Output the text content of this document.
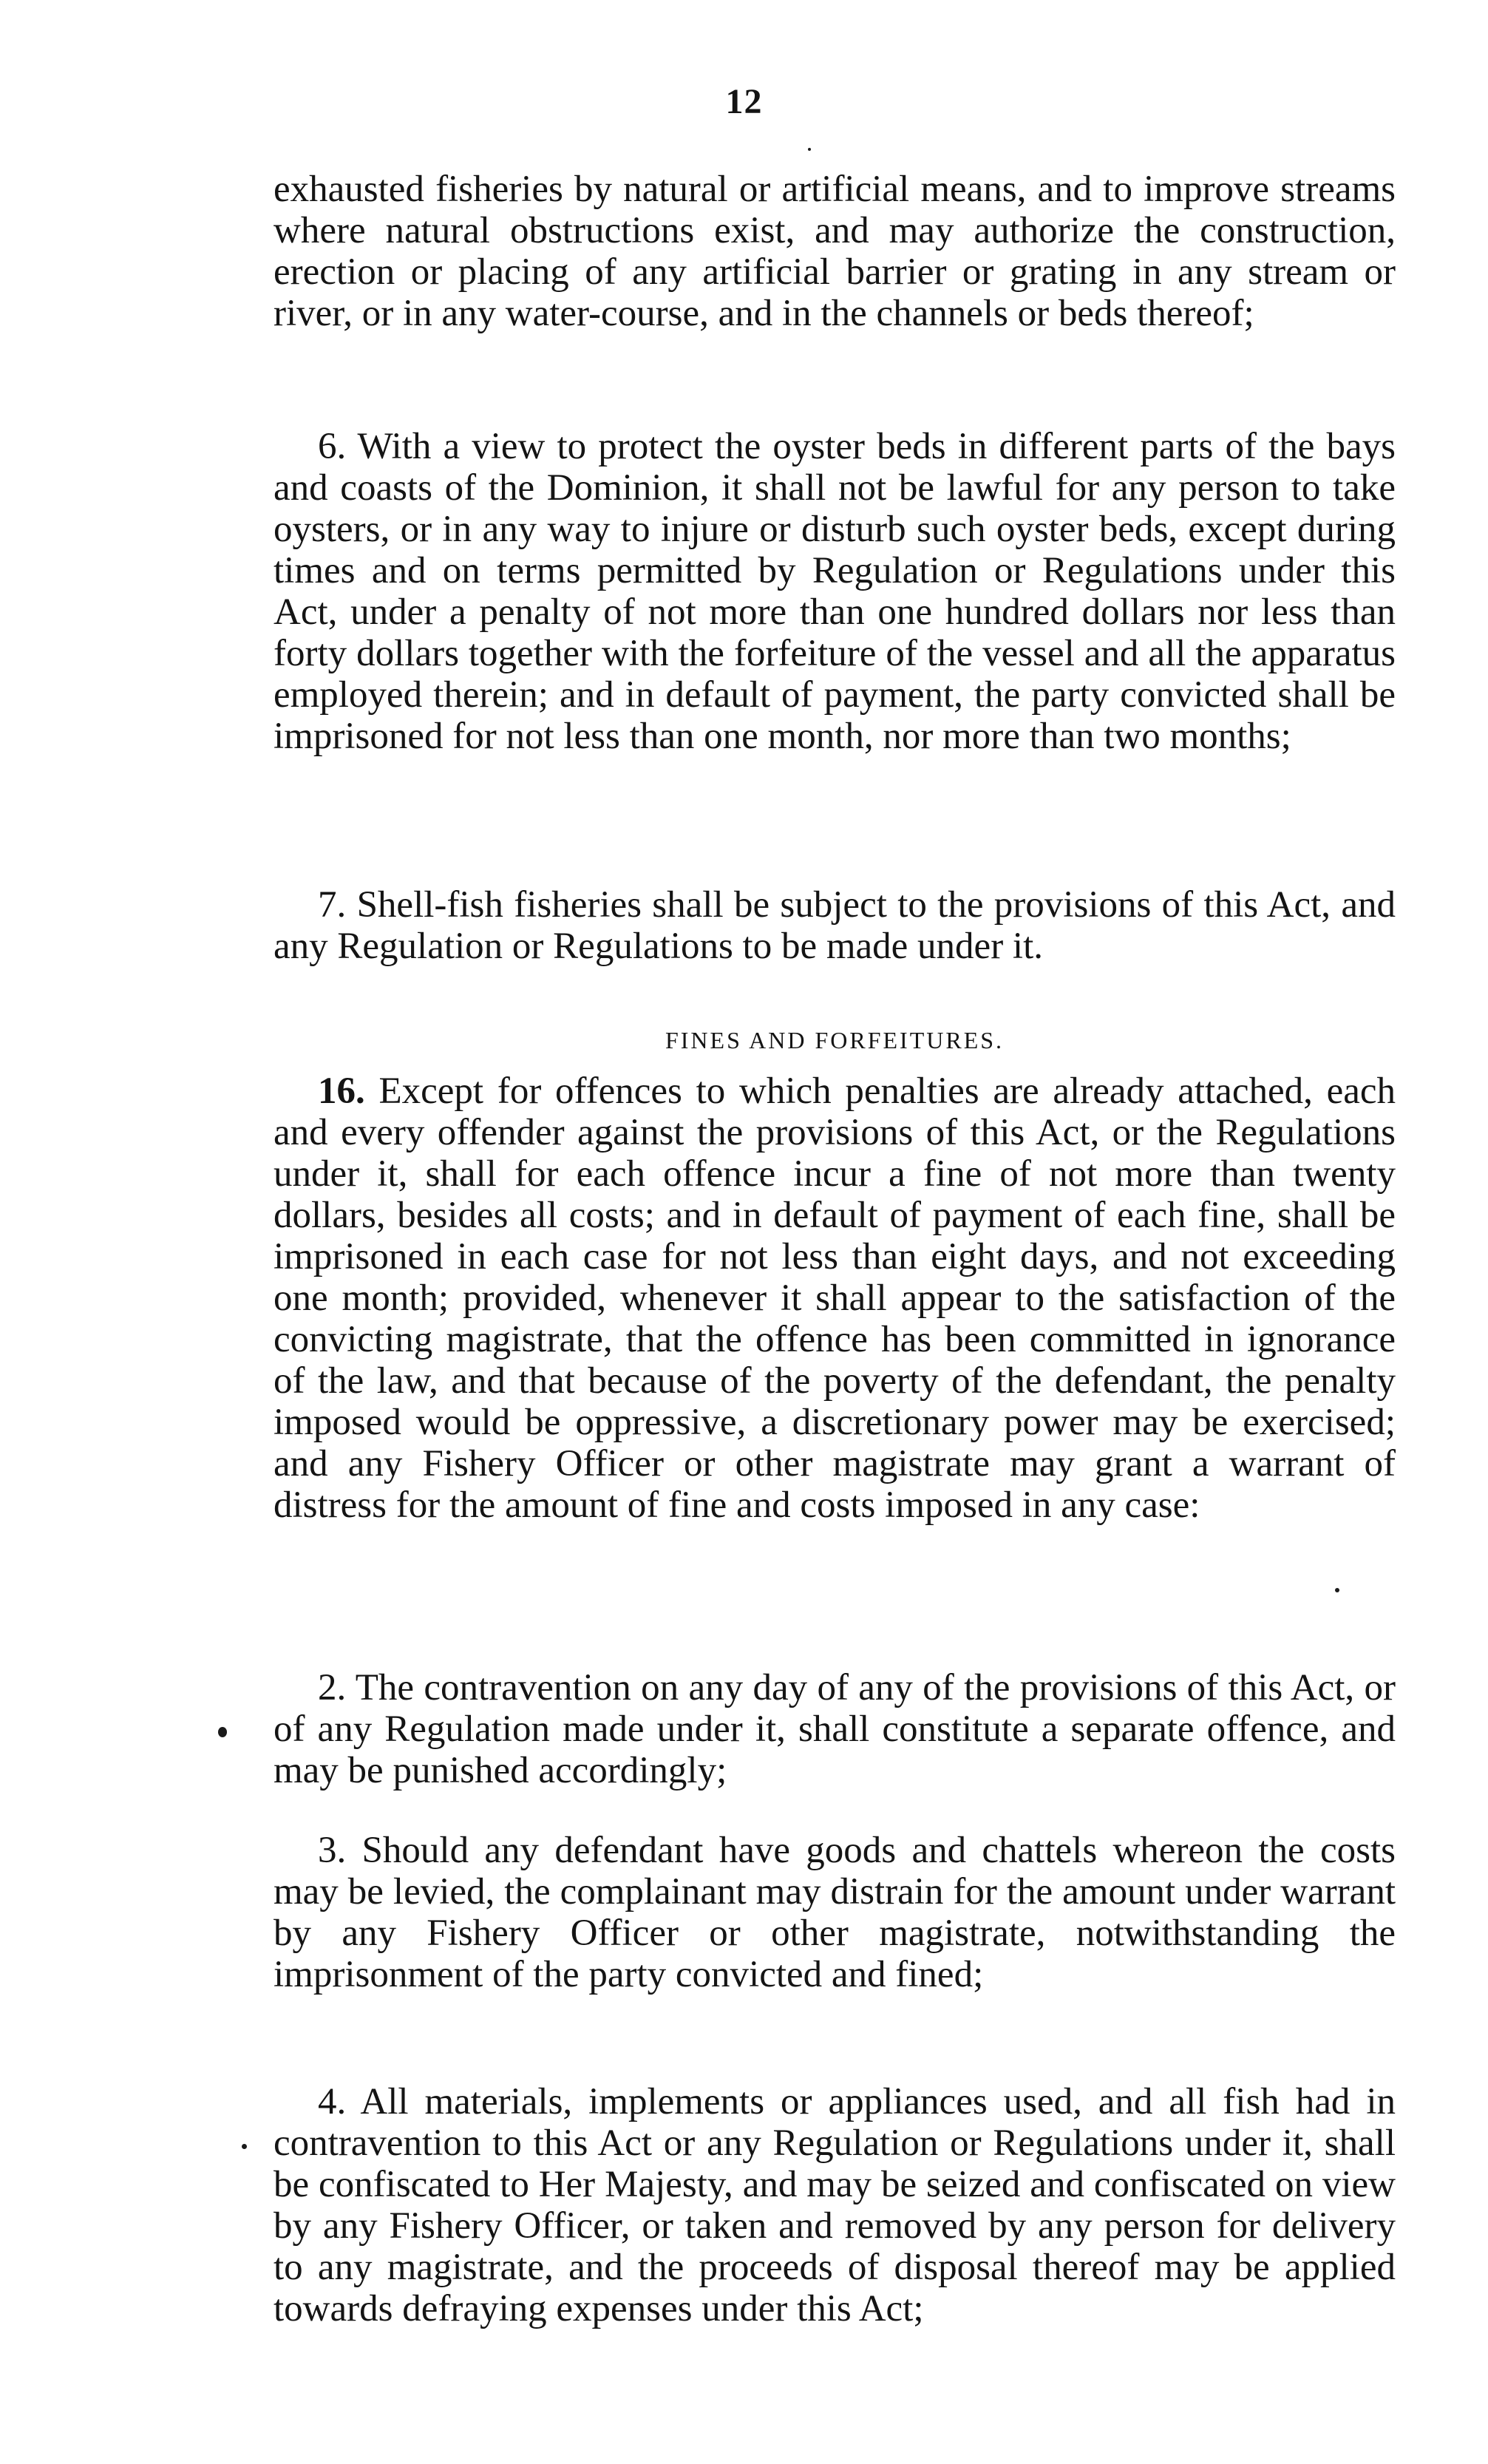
12

exhausted fisheries by natural or artificial means, and to improve streams where natural obstructions exist, and may authorize the construction, erection or placing of any artificial barrier or grating in any stream or river, or in any water-course, and in the channels or beds thereof;

6. With a view to protect the oyster beds in different parts of the bays and coasts of the Dominion, it shall not be lawful for any person to take oysters, or in any way to injure or disturb such oyster beds, except during times and on terms permitted by Regulation or Regulations under this Act, under a penalty of not more than one hundred dollars nor less than forty dollars together with the forfeiture of the vessel and all the apparatus employed therein; and in default of payment, the party convicted shall be imprisoned for not less than one month, nor more than two months;

7. Shell-fish fisheries shall be subject to the provisions of this Act, and any Regulation or Regulations to be made under it.

FINES AND FORFEITURES.

16. Except for offences to which penalties are already attached, each and every offender against the provisions of this Act, or the Regulations under it, shall for each offence incur a fine of not more than twenty dollars, besides all costs; and in default of payment of each fine, shall be imprisoned in each case for not less than eight days, and not exceeding one month; provided, whenever it shall appear to the satisfaction of the convicting magistrate, that the offence has been committed in ignorance of the law, and that because of the poverty of the defendant, the penalty imposed would be oppressive, a discretionary power may be exercised; and any Fishery Officer or other magistrate may grant a warrant of distress for the amount of fine and costs imposed in any case:

2. The contravention on any day of any of the provisions of this Act, or of any Regulation made under it, shall constitute a separate offence, and may be punished accordingly;

3. Should any defendant have goods and chattels whereon the costs may be levied, the complainant may distrain for the amount under warrant by any Fishery Officer or other magistrate, notwithstanding the imprisonment of the party convicted and fined;

4. All materials, implements or appliances used, and all fish had in contravention to this Act or any Regulation or Regulations under it, shall be confiscated to Her Majesty, and may be seized and confiscated on view by any Fishery Officer, or taken and removed by any person for delivery to any magistrate, and the proceeds of disposal thereof may be applied towards defraying expenses under this Act;
